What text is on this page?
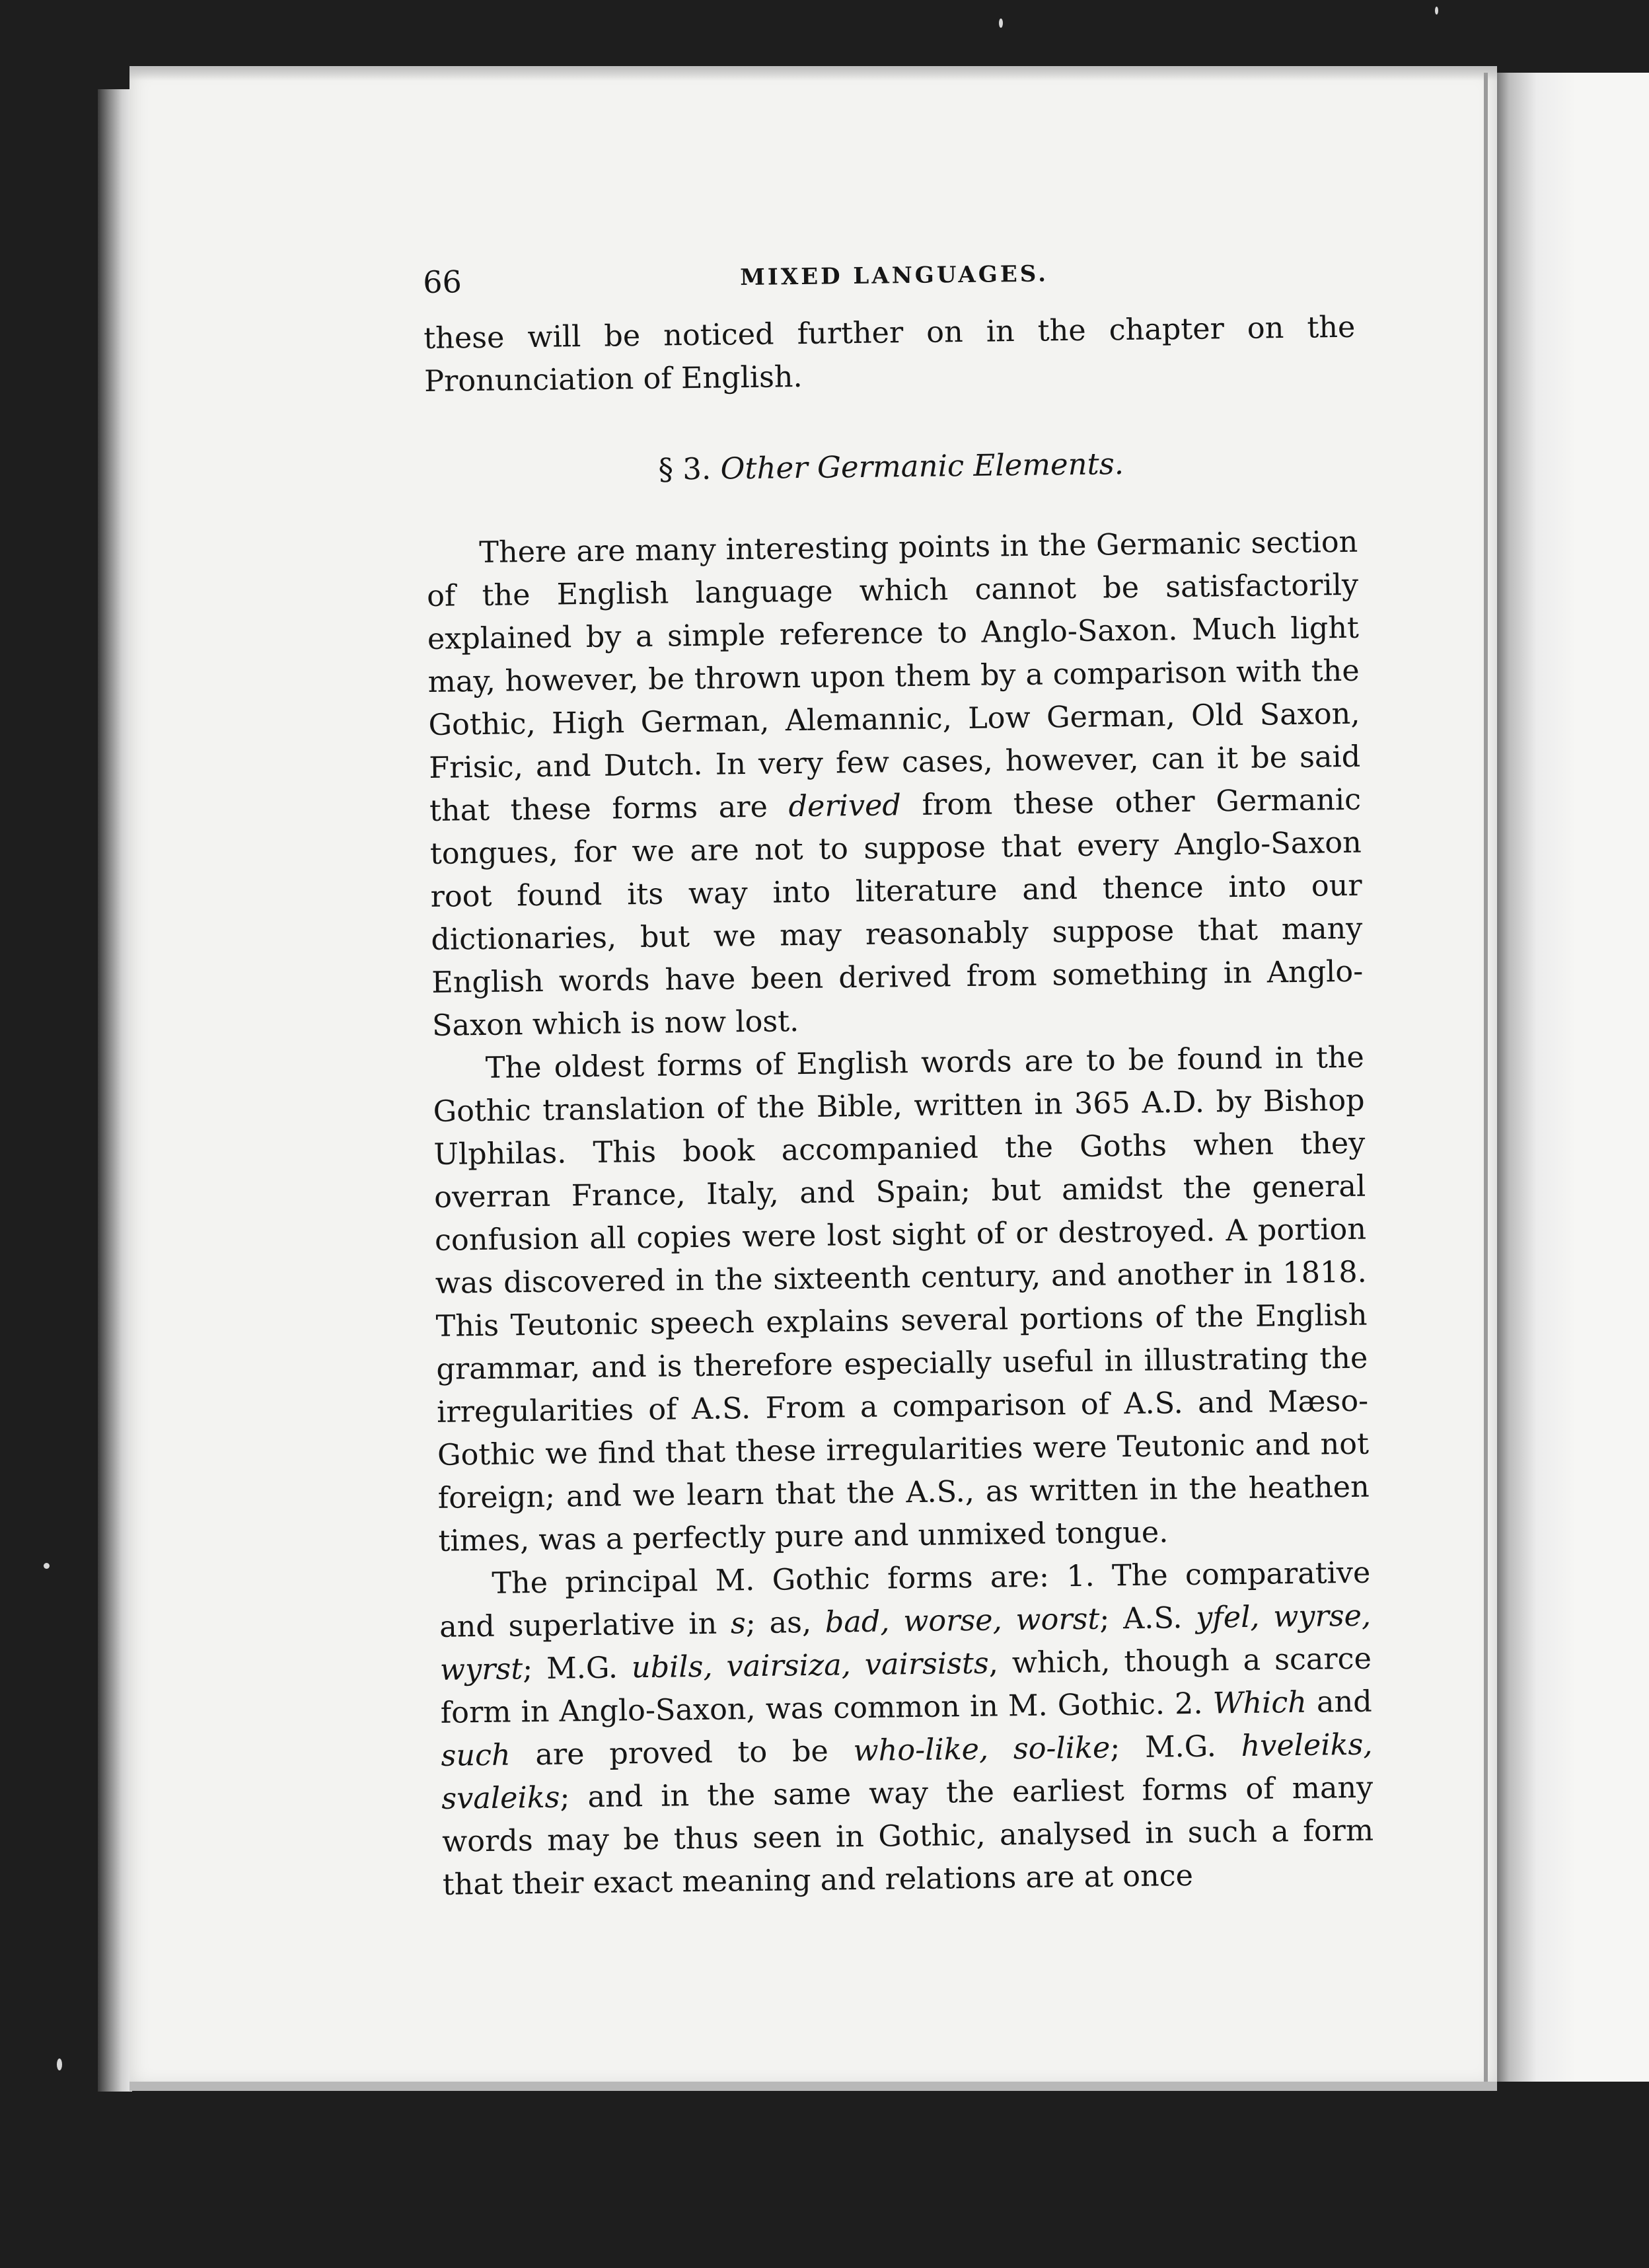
66	MIXED LANGUAGES.

these will be noticed further on in the chapter on the Pronunciation of English.

§ 3. Other Germanic Elements.

There are many interesting points in the Germanic section of the English language which cannot be satisfactorily explained by a simple reference to Anglo-Saxon. Much light may, however, be thrown upon them by a comparison with the Gothic, High German, Alemannic, Low German, Old Saxon, Frisic, and Dutch. In very few cases, however, can it be said that these forms are derived from these other Germanic tongues, for we are not to suppose that every Anglo-Saxon root found its way into literature and thence into our dictionaries, but we may reasonably suppose that many English words have been derived from something in Anglo-Saxon which is now lost.

The oldest forms of English words are to be found in the Gothic translation of the Bible, written in 365 A.D. by Bishop Ulphilas. This book accompanied the Goths when they overran France, Italy, and Spain; but amidst the general confusion all copies were lost sight of or destroyed. A portion was discovered in the sixteenth century, and another in 1818. This Teutonic speech explains several portions of the English grammar, and is therefore especially useful in illustrating the irregularities of A.S. From a comparison of A.S. and Mæso-Gothic we find that these irregularities were Teutonic and not foreign; and we learn that the A.S., as written in the heathen times, was a perfectly pure and unmixed tongue.

The principal M. Gothic forms are: 1. The comparative and superlative in s; as, bad, worse, worst; A.S. yfel, wyrse, wyrst; M.G. ubils, vairsiza, vairsists, which, though a scarce form in Anglo-Saxon, was common in M. Gothic. 2. Which and such are proved to be who-like, so-like; M.G. hveleiks, svaleiks; and in the same way the earliest forms of many words may be thus seen in Gothic, analysed in such a form that their exact meaning and relations are at once
